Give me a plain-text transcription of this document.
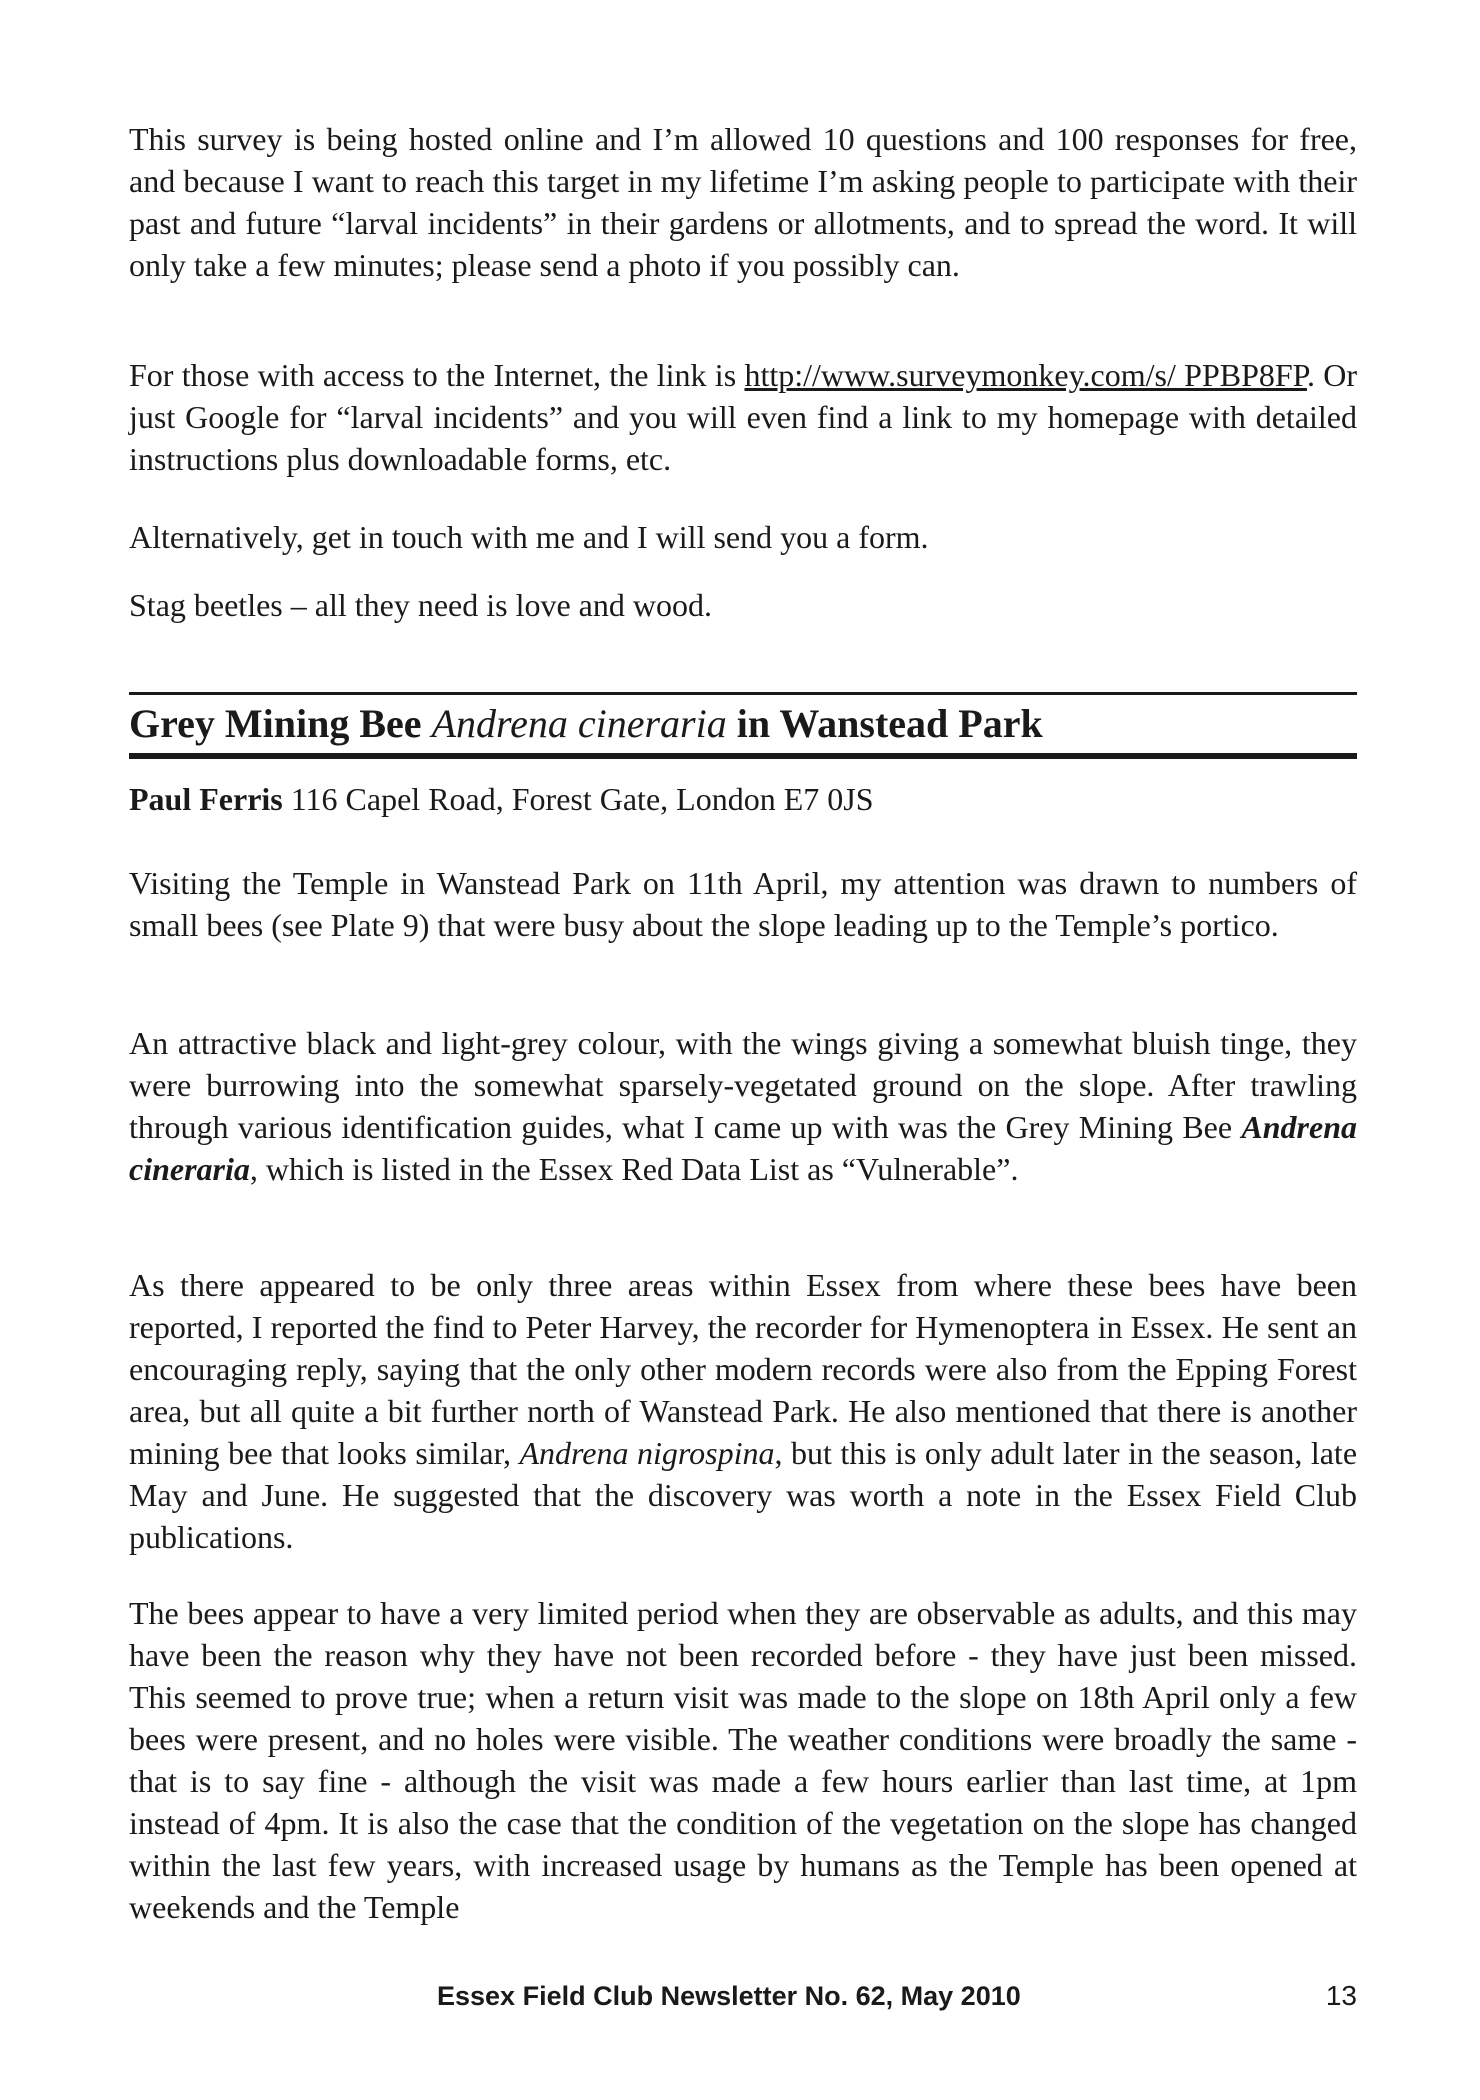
This survey is being hosted online and I’m allowed 10 questions and 100 responses for free, and because I want to reach this target in my lifetime I’m asking people to participate with their past and future “larval incidents” in their gardens or allotments, and to spread the word. It will only take a few minutes; please send a photo if you possibly can.

For those with access to the Internet, the link is http://www.surveymonkey.com/s/ PPBP8FP. Or just Google for “larval incidents” and you will even find a link to my homepage with detailed instructions plus downloadable forms, etc.

Alternatively, get in touch with me and I will send you a form.

Stag beetles – all they need is love and wood.

Grey Mining Bee Andrena cineraria in Wanstead Park

Paul Ferris 116 Capel Road, Forest Gate, London E7 0JS

Visiting the Temple in Wanstead Park on 11th April, my attention was drawn to numbers of small bees (see Plate 9) that were busy about the slope leading up to the Temple’s portico.

An attractive black and light-grey colour, with the wings giving a somewhat bluish tinge, they were burrowing into the somewhat sparsely-vegetated ground on the slope. After trawling through various identification guides, what I came up with was the Grey Mining Bee Andrena cineraria, which is listed in the Essex Red Data List as “Vulnerable”.

As there appeared to be only three areas within Essex from where these bees have been reported, I reported the find to Peter Harvey, the recorder for Hymenoptera in Essex. He sent an encouraging reply, saying that the only other modern records were also from the Epping Forest area, but all quite a bit further north of Wanstead Park. He also mentioned that there is another mining bee that looks similar, Andrena nigrospina, but this is only adult later in the season, late May and June. He suggested that the discovery was worth a note in the Essex Field Club publications.

The bees appear to have a very limited period when they are observable as adults, and this may have been the reason why they have not been recorded before - they have just been missed. This seemed to prove true; when a return visit was made to the slope on 18th April only a few bees were present, and no holes were visible. The weather conditions were broadly the same - that is to say fine - although the visit was made a few hours earlier than last time, at 1pm instead of 4pm. It is also the case that the condition of the vegetation on the slope has changed within the last few years, with increased usage by humans as the Temple has been opened at weekends and the Temple

Essex Field Club Newsletter No. 62, May 2010	13
